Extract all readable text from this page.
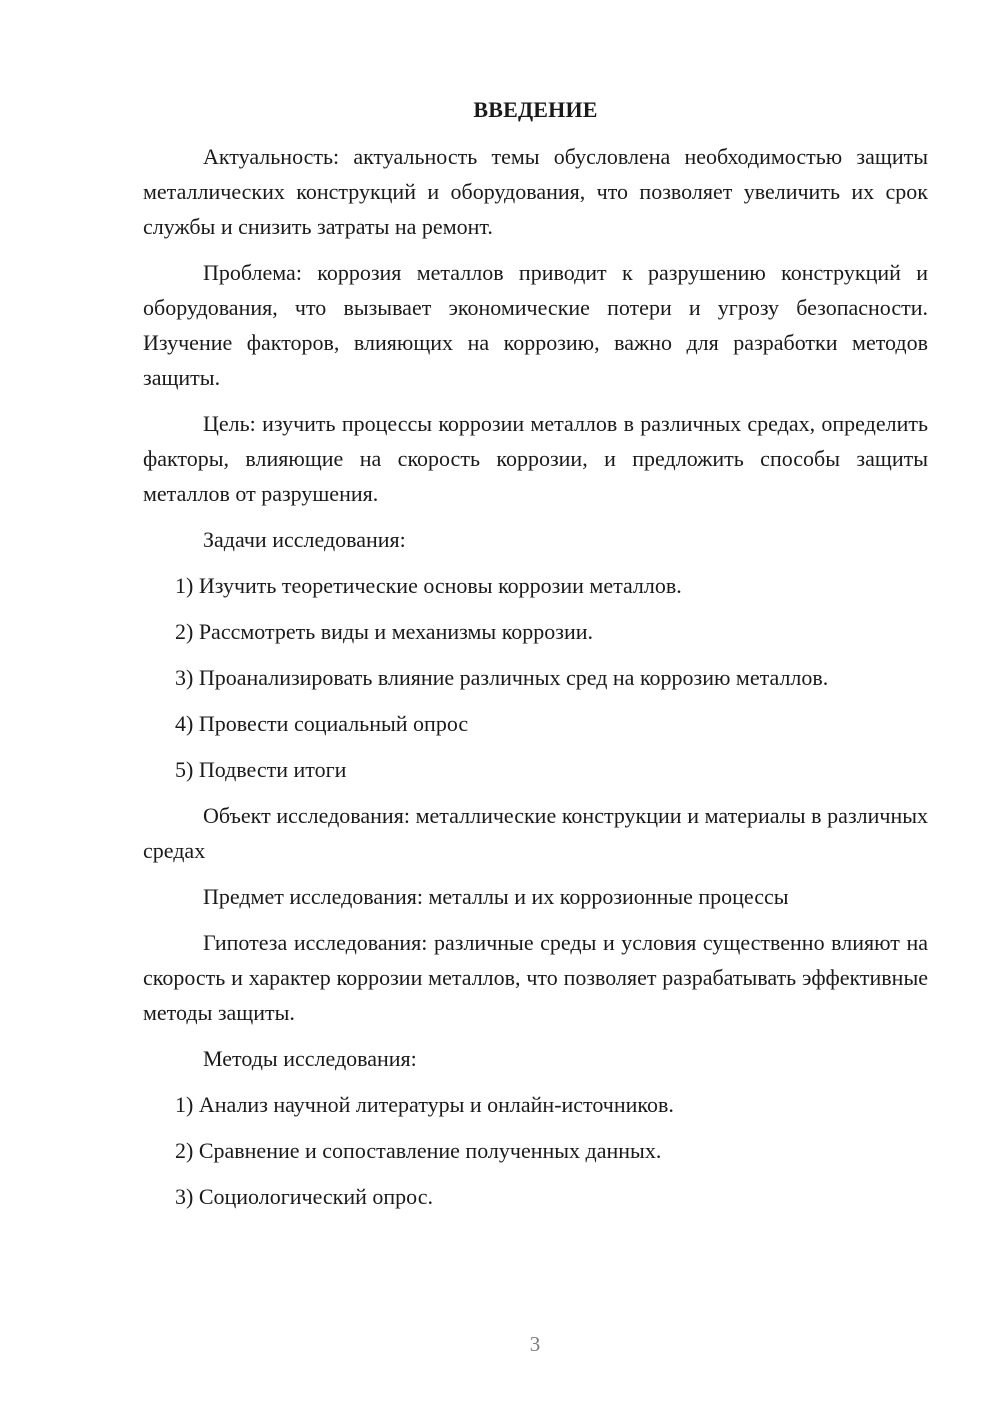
ВВЕДЕНИЕ

Актуальность: актуальность темы обусловлена необходимостью защиты металлических конструкций и оборудования, что позволяет увеличить их срок службы и снизить затраты на ремонт.

Проблема: коррозия металлов приводит к разрушению конструкций и оборудования, что вызывает экономические потери и угрозу безопасности. Изучение факторов, влияющих на коррозию, важно для разработки методов защиты.

Цель: изучить процессы коррозии металлов в различных средах, определить факторы, влияющие на скорость коррозии, и предложить способы защиты металлов от разрушения.

Задачи исследования:

1) Изучить теоретические основы коррозии металлов.
2) Рассмотреть виды и механизмы коррозии.
3) Проанализировать влияние различных сред на коррозию металлов.
4) Провести социальный опрос
5) Подвести итоги

Объект исследования: металлические конструкции и материалы в различных средах

Предмет исследования: металлы и их коррозионные процессы

Гипотеза исследования: различные среды и условия существенно влияют на скорость и характер коррозии металлов, что позволяет разрабатывать эффективные методы защиты.

Методы исследования:

1) Анализ научной литературы и онлайн-источников.
2) Сравнение и сопоставление полученных данных.
3) Социологический опрос.
3
